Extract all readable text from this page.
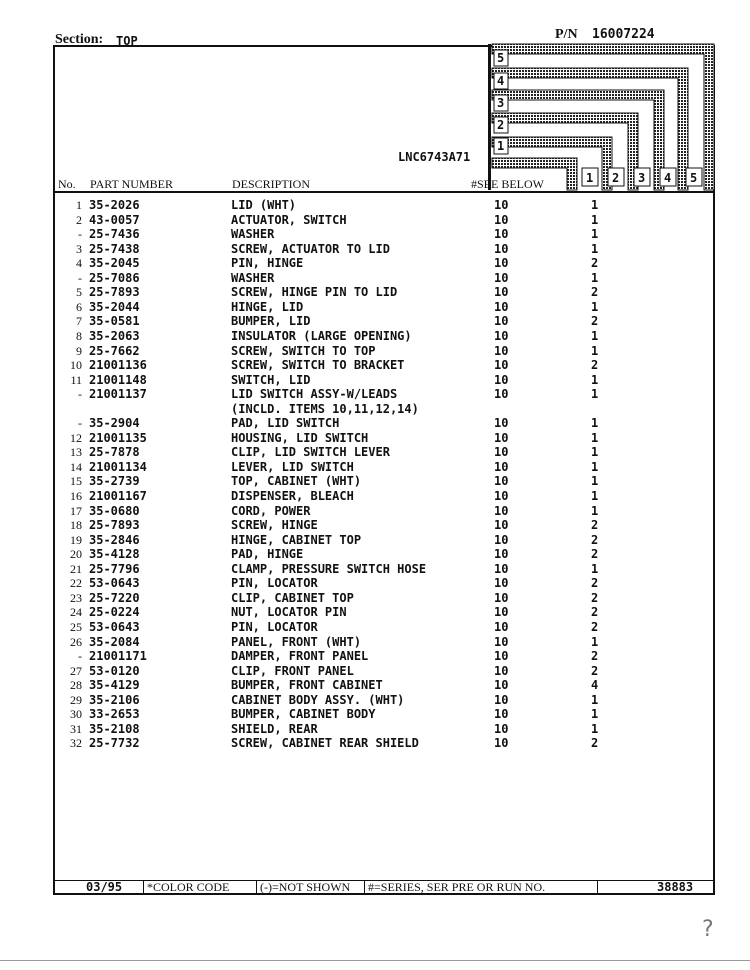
Section: TOP	P/N 16007224
5
4
3
2
1
1 2 3 4 5
LNC6743A71
No. PART NUMBER	DESCRIPTION	#SEE BELOW
1 35-2026	LID (WHT)	10	1
2 43-0057	ACTUATOR, SWITCH	10	1
- 25-7436	WASHER	10	1
3 25-7438	SCREW, ACTUATOR TO LID	10	1
4 35-2045	PIN, HINGE	10	2
- 25-7086	WASHER	10	1
5 25-7893	SCREW, HINGE PIN TO LID	10	2
6 35-2044	HINGE, LID	10	1
7 35-0581	BUMPER, LID	10	2
8 35-2063	INSULATOR (LARGE OPENING)	10	1
9 25-7662	SCREW, SWITCH TO TOP	10	1
10 21001136	SCREW, SWITCH TO BRACKET	10	2
11 21001148	SWITCH, LID	10	1
- 21001137	LID SWITCH ASSY-W/LEADS	10	1
(INCLD. ITEMS 10,11,12,14)
- 35-2904	PAD, LID SWITCH	10	1
12 21001135	HOUSING, LID SWITCH	10	1
13 25-7878	CLIP, LID SWITCH LEVER	10	1
14 21001134	LEVER, LID SWITCH	10	1
15 35-2739	TOP, CABINET (WHT)	10	1
16 21001167	DISPENSER, BLEACH	10	1
17 35-0680	CORD, POWER	10	1
18 25-7893	SCREW, HINGE	10	2
19 35-2846	HINGE, CABINET TOP	10	2
20 35-4128	PAD, HINGE	10	2
21 25-7796	CLAMP, PRESSURE SWITCH HOSE	10	1
22 53-0643	PIN, LOCATOR	10	2
23 25-7220	CLIP, CABINET TOP	10	2
24 25-0224	NUT, LOCATOR PIN	10	2
25 53-0643	PIN, LOCATOR	10	2
26 35-2084	PANEL, FRONT (WHT)	10	1
- 21001171	DAMPER, FRONT PANEL	10	2
27 53-0120	CLIP, FRONT PANEL	10	2
28 35-4129	BUMPER, FRONT CABINET	10	4
29 35-2106	CABINET BODY ASSY. (WHT)	10	1
30 33-2653	BUMPER, CABINET BODY	10	1
31 35-2108	SHIELD, REAR	10	1
32 25-7732	SCREW, CABINET REAR SHIELD	10	2
03/95 *COLOR CODE	(-)=NOT SHOWN #=SERIES, SER PRE OR RUN NO.	38883
?
